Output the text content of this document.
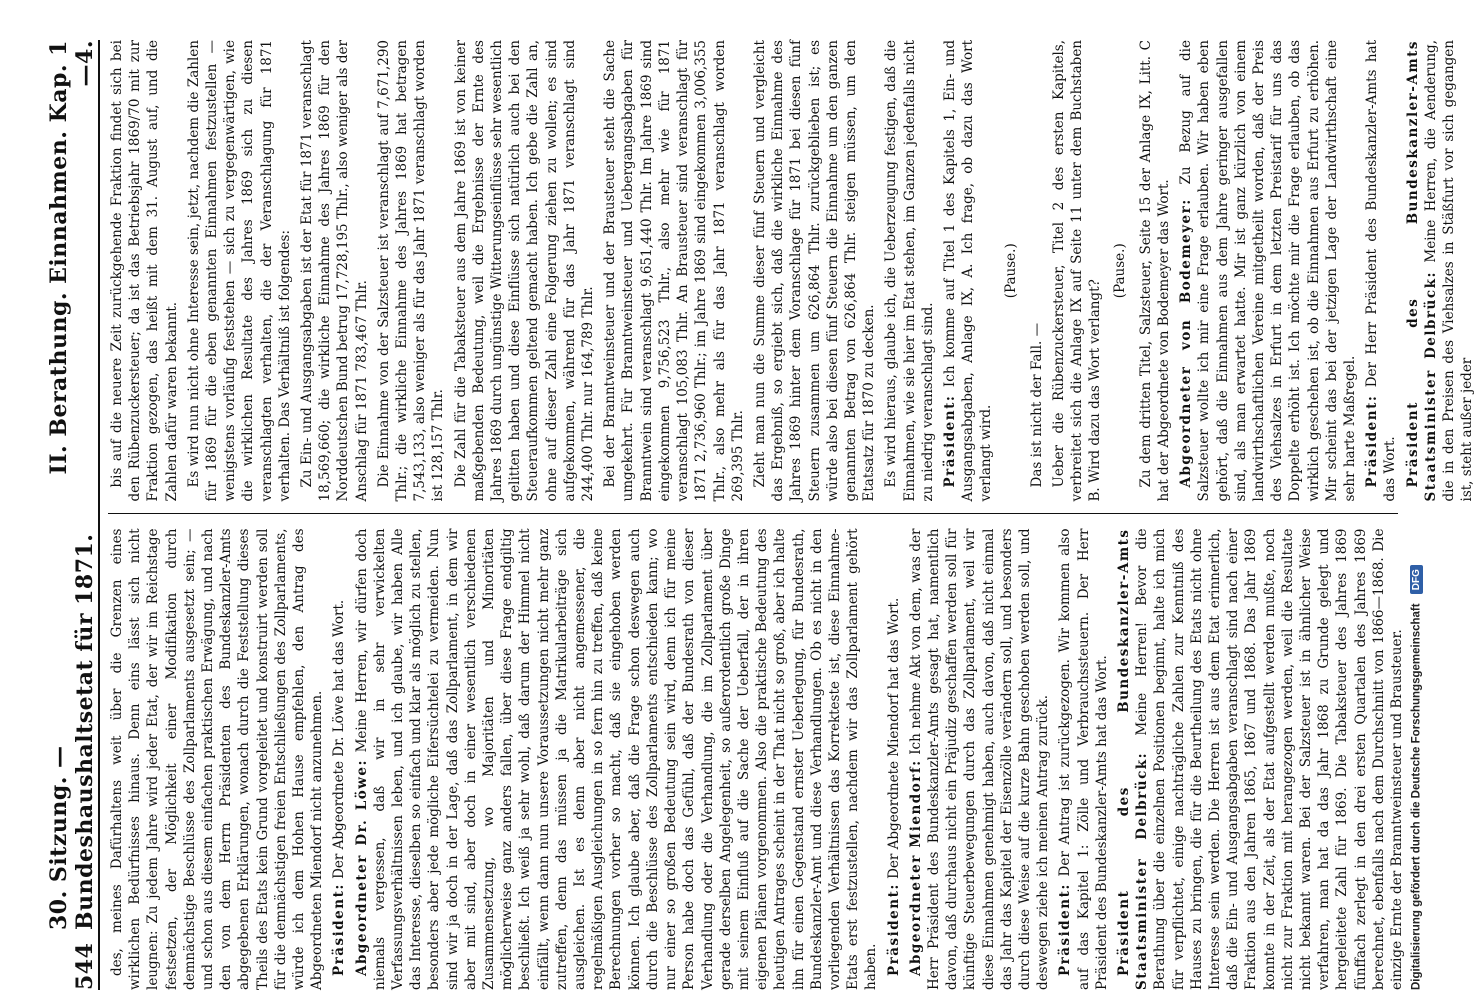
544
30. Sitzung. — Bundeshaushaltsetat für 1871.
II. Berathung. Einnahmen. Kap. 1—4.

des, meines Dafürhaltens weit über die Grenzen eines wirklichen Bedürfnisses hinaus. Denn eins lässt sich nicht leugnen: Zu jedem Jahre wird jeder Etat, der wir im Reichstage festsetzen, der Möglichkeit einer Modifikation durch demnächstige Beschlüsse des Zollparlaments ausgesetzt sein; — und schon aus diesem einfachen praktischen Erwägung, und nach den von dem Herrn Präsidenten des Bundeskanzler-Amts abgegebenen Erklärungen, wonach durch die Feststellung dieses Theils des Etats kein Grund vorgeleitet und konstruirt werden soll für die demnächstigen freien Entschließungen des Zollparlaments, würde ich dem Hohen Hause empfehlen, den Antrag des Abgeordneten Miendorf nicht anzunehmen. Präsident: Der Abgeordnete Dr. Löwe hat das Wort. Abgeordneter Dr. Löwe: Meine Herren, wir dürfen doch niemals vergessen, daß wir in sehr verwickelten Verfassungsverhältnissen leben, und ich glaube, wir haben Alle das Interesse, dieselben so einfach und klar als möglich zu stellen, besonders aber jede mögliche Eifersüchtelei zu vermeiden. Nun sind wir ja doch in der Lage, daß das Zollparlament, in dem wir aber mit sind, aber doch in einer wesentlich verschiedenen Zusammensetzung, wo Majoritäten und Minoritäten möglicherweise ganz anders fallen, über diese Frage endgiltig beschließt. Ich weiß ja sehr wohl, daß darum der Himmel nicht einfällt, wenn dann nun unsere Voraussetzungen nicht mehr ganz zutreffen, denn das müssen ja die Matrikularbeiträge sich ausgleichen. Ist es denn aber nicht angemessener, die regelmäßigen Ausgleichungen in so fern hin zu treffen, daß keine Berechnungen vorher so macht, daß sie eingehoben werden können. Ich glaube aber, daß die Frage schon deswegen auch durch die Beschlüsse des Zollparlaments entschieden kann; wo nur einer so großen Bedeutung sein wird, denn ich für meine Person habe doch das Gefühl, daß der Bundesrath von dieser Verhandlung oder die Verhandlung, die im Zollparlament über gerade derselben Angelegenheit, so außerordentlich große Dinge mit seinem Einfluß auf die Sache der Ueberfall, der in ihren eigenen Plänen vorgenommen. Also die praktische Bedeutung des heutigen Antrages scheint in der That nicht so groß, aber ich halte ihn für einen Gegenstand ernster Ueberlegung, für Bundesrath, Bundeskanzler-Amt und diese Verhandlungen. Ob es nicht in den vorliegenden Verhältnissen das Korrekteste ist, diese Einnahme-Etats erst festzustellen, nachdem wir das Zollparlament gehört haben. Präsident: Der Abgeordnete Miendorf hat das Wort. Abgeordneter Miendorf: Ich nehme Akt von dem, was der Herr Präsident des Bundeskanzler-Amts gesagt hat, namentlich davon, daß durchaus nicht ein Präjudiz geschaffen werden soll für künftige Steuerbewegungen durch das Zollparlament, weil wir diese Einnahmen genehmigt haben, auch davon, daß nicht einmal das Jahr das Kapitel der Eisenzölle verändern soll, und besonders durch diese Weise auf die kurze Bahn geschoben werden soll, und deswegen ziehe ich meinen Antrag zurück. Präsident: Der Antrag ist zurückgezogen. Wir kommen also auf das Kapitel 1: Zölle und Verbrauchssteuern. Der Herr Präsident des Bundeskanzler-Amts hat das Wort. Präsident des Bundeskanzler-Amts Staatsminister Delbrück: Meine Herren! Bevor die Berathung über die einzelnen Positionen beginnt, halte ich mich für verpflichtet, einige nachträgliche Zahlen zur Kenntniß des Hauses zu bringen, die für die Beurtheilung des Etats nicht ohne Interesse sein werden. Die Herren ist aus dem Etat erinnerlich, daß die Ein- und Ausgangsabgaben veranschlagt sind nach einer Fraktion aus den Jahren 1865, 1867 und 1868. Das Jahr 1869 konnte in der Zeit, als der Etat aufgestellt werden mußte, noch nicht zur Fraktion mit herangezogen werden, weil die Resultate nicht bekannt waren. Bei der Salzsteuer ist in ähnlicher Weise verfahren, man hat da das Jahr 1868 zu Grunde gelegt und hergeleitete Zahl für 1869. Die Tabaksteuer des Jahres 1869 fünffach zerlegt in den drei ersten Quartalen des Jahres 1869 berechnet, ebenfalls nach dem Durchschnitt von 1866—1868. Die einzige Ernte der Branntweinsteuer und Brausteuer.

bis auf die neuere Zeit zurückgehende Fraktion findet sich bei den Rübenzuckersteuer; da ist das Betriebsjahr 1869/70 mit zur Fraktion gezogen, das heißt mit dem 31. August auf, und die Zahlen dafür waren bekannt. Es wird nun nicht ohne Interesse sein, jetzt, nachdem die Zahlen für 1869 für die eben genannten Einnahmen festzustellen — wenigstens vorläufig feststehen — sich zu vergegenwärtigen, wie die wirklichen Resultate des Jahres 1869 sich zu diesen veranschlagten verhalten, die der Veranschlagung für 1871 verhalten. Das Verhältniß ist folgendes: Zu Ein- und Ausgangsabgaben ist der Etat für 1871 veranschlagt 18,569,660; die wirkliche Einnahme des Jahres 1869 für den Norddeutschen Bund betrug 17,728,195 Thlr., also weniger als der Anschlag für 1871 783,467 Thlr. Die Einnahme von der Salzsteuer ist veranschlagt auf 7,671,290 Thlr.; die wirkliche Einnahme des Jahres 1869 hat betragen 7,543,133, also weniger als für das Jahr 1871 veranschlagt worden ist 128,157 Thlr. Die Zahl für die Tabaksteuer aus dem Jahre 1869 ist von keiner maßgebenden Bedeutung, weil die Ergebnisse der Ernte des Jahres 1869 durch ungünstige Witterungseinflüsse sehr wesentlich gelitten haben und diese Einflüsse sich natürlich auch bei den Steueraufkommen geltend gemacht haben. Ich gebe die Zahl an, ohne auf dieser Zahl eine Folgerung ziehen zu wollen; es sind aufgekommen, während für das Jahr 1871 veranschlagt sind 244,400 Thlr. nur 164,789 Thlr. Bei der Branntweinsteuer und der Brausteuer steht die Sache umgekehrt. Für Branntweinsteuer und Uebergangsabgaben für Branntwein sind veranschlagt 9,651,440 Thlr. Im Jahre 1869 sind eingekommen 9,756,523 Thlr., also mehr wie für 1871 veranschlagt 105,083 Thlr. An Brausteuer sind veranschlagt für 1871 2,736,960 Thlr.; im Jahre 1869 sind eingekommen 3,006,355 Thlr., also mehr als für das Jahr 1871 veranschlagt worden 269,395 Thlr. Zieht man nun die Summe dieser fünf Steuern und vergleicht das Ergebniß, so ergiebt sich, daß die wirkliche Einnahme des Jahres 1869 hinter dem Voranschlage für 1871 bei diesen fünf Steuern zusammen um 626,864 Thlr. zurückgeblieben ist; es würde also bei diesen fünf Steuern die Einnahme um den ganzen genannten Betrag von 626,864 Thlr. steigen müssen, um den Etatsatz für 1870 zu decken. Es wird hieraus, glaube ich, die Ueberzeugung festigen, daß die Einnahmen, wie sie hier im Etat stehen, im Ganzen jedenfalls nicht zu niedrig veranschlagt sind. Präsident: Ich komme auf Titel 1 des Kapitels 1, Ein- und Ausgangsabgaben, Anlage IX, A. Ich frage, ob dazu das Wort verlangt wird.

(Pause.)

Das ist nicht der Fall. — Ueber die Rübenzuckersteuer, Titel 2 des ersten Kapitels, verbreitet sich die Anlage IX auf Seite 11 unter dem Buchstaben B. Wird dazu das Wort verlangt?

(Pause.) Zu dem dritten Titel, Salzsteuer, Seite 15 der Anlage IX, Litt. C hat der Abgeordnete von Bodemeyer das Wort. Abgeordneter von Bodemeyer: Zu Bezug auf die Salzsteuer wollte ich mir eine Frage erlauben. Wir haben eben gehört, daß die Einnahmen aus dem Jahre geringer ausgefallen sind, als man erwartet hatte. Mir ist ganz kürzlich von einem landwirthschaftlichen Vereine mitgetheilt worden, daß der Preis des Viehsalzes in Erfurt in dem letzten Preistarif für uns das Doppelte erhöht ist. Ich möchte mir die Frage erlauben, ob das wirklich geschehen ist, ob die Einnahmen aus Erfurt zu erhöhen. Mir scheint das bei der jetzigen Lage der Landwirthschaft eine sehr harte Maßregel. Präsident: Der Herr Präsident des Bundeskanzler-Amts hat das Wort. Präsident des Bundeskanzler-Amts Staatsminister Delbrück: Meine Herren, die Aenderung, die in den Preisen des Viehsalzes in Stäßfurt vor sich gegangen ist, steht außer jeder

Digitalisierung gefördert durch die Deutsche Forschungsgemeinschaft DFG
